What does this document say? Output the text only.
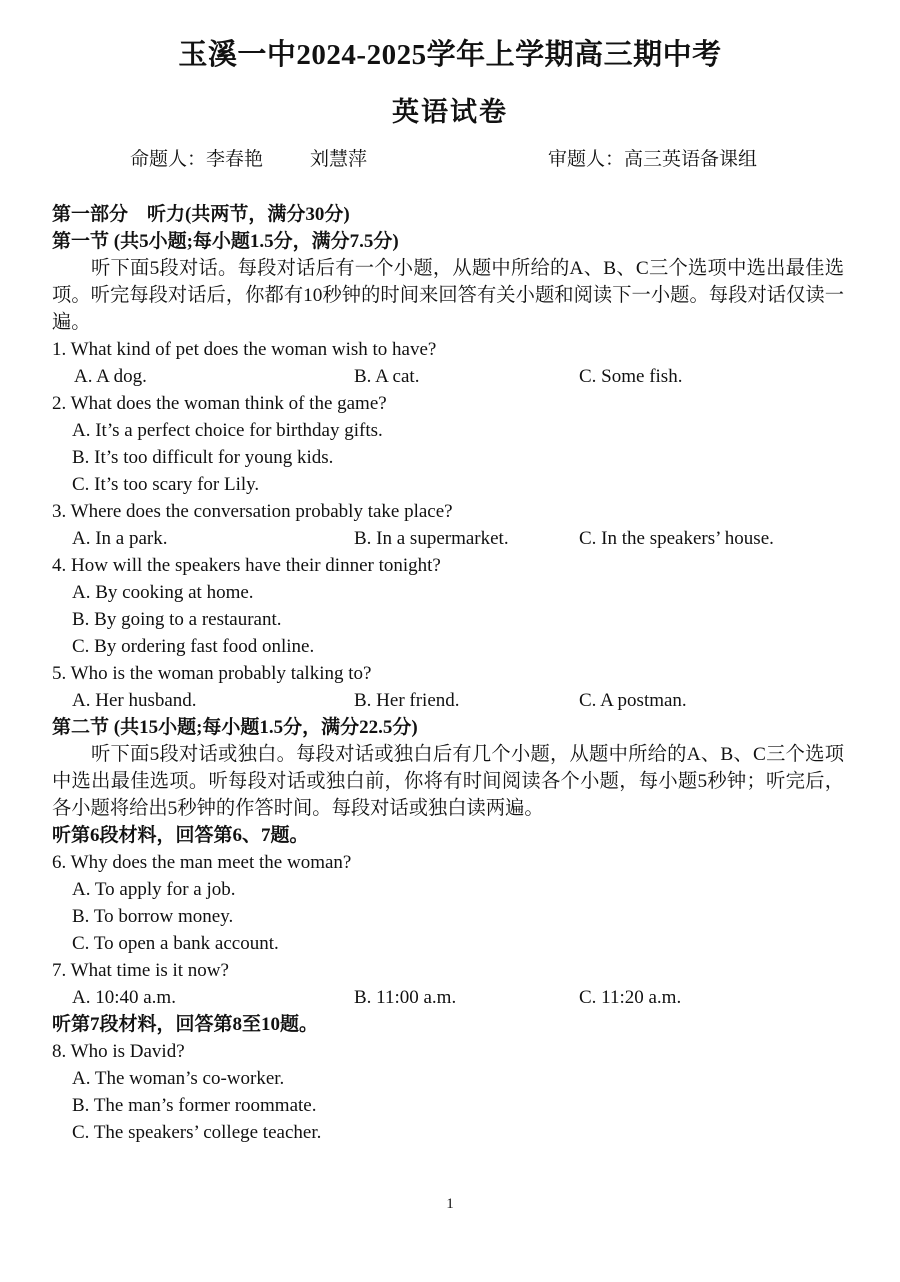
玉溪一中2024-2025学年上学期高三期中考
英语试卷
命题人：李春艳 刘慧萍	审题人：高三英语备课组
第一部分　听力(共两节，满分30分)
第一节 (共5小题;每小题1.5分，满分7.5分)
听下面5段对话。每段对话后有一个小题，从题中所给的A、B、C三个选项中选出最佳选项。听完每段对话后，你都有10秒钟的时间来回答有关小题和阅读下一小题。每段对话仅读一遍。
1. What kind of pet does the woman wish to have?
A. A dog.	B. A cat.	C. Some fish.
2. What does the woman think of the game?
A. It’s a perfect choice for birthday gifts.
B. It’s too difficult for young kids.
C. It’s too scary for Lily.
3. Where does the conversation probably take place?
A. In a park.	B. In a supermarket.	C. In the speakers’ house.
4. How will the speakers have their dinner tonight?
A. By cooking at home.
B. By going to a restaurant.
C. By ordering fast food online.
5. Who is the woman probably talking to?
A. Her husband.	B. Her friend.	C. A postman.
第二节 (共15小题;每小题1.5分，满分22.5分)
听下面5段对话或独白。每段对话或独白后有几个小题，从题中所给的A、B、C三个选项中选出最佳选项。听每段对话或独白前，你将有时间阅读各个小题，每小题5秒钟；听完后，各小题将给出5秒钟的作答时间。每段对话或独白读两遍。
听第6段材料，回答第6、7题。
6. Why does the man meet the woman?
A. To apply for a job.
B. To borrow money.
C. To open a bank account.
7. What time is it now?
A. 10:40 a.m.	B. 11:00 a.m.	C. 11:20 a.m.
听第7段材料，回答第8至10题。
8. Who is David?
A. The woman’s co-worker.
B. The man’s former roommate.
C. The speakers’ college teacher.
1
